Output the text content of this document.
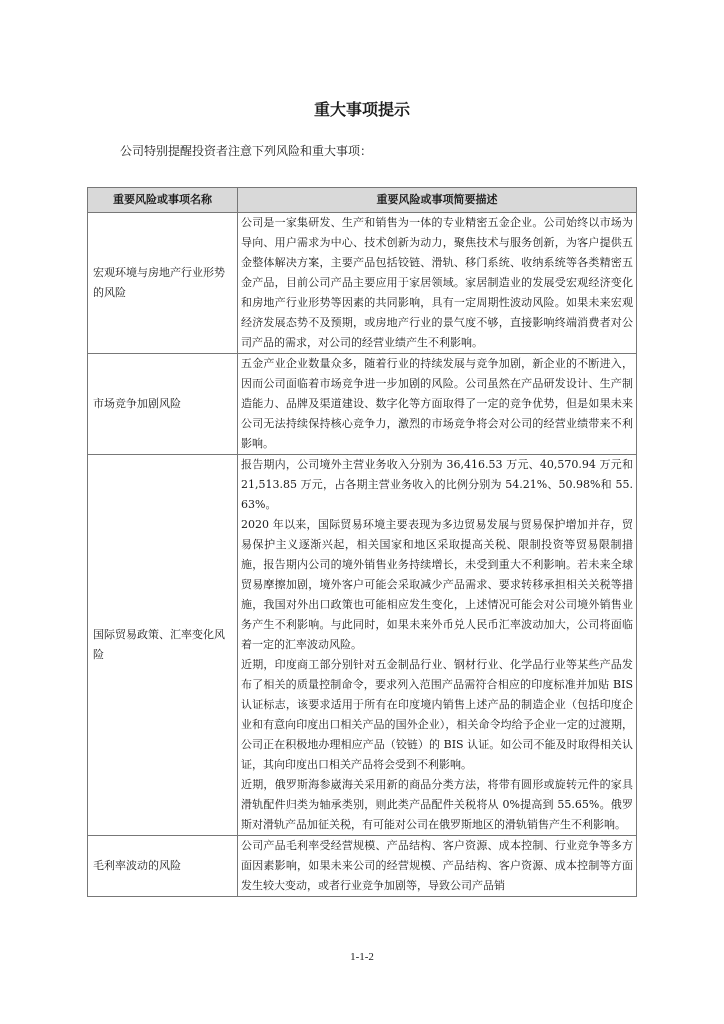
重大事项提示
公司特别提醒投资者注意下列风险和重大事项：
重要风险或事项名称	重要风险或事项简要描述
宏观环境与房地产行业形势的风险	公司是一家集研发、生产和销售为一体的专业精密五金企业。公司始终以市场为导向、用户需求为中心、技术创新为动力，聚焦技术与服务创新，为客户提供五金整体解决方案，主要产品包括铰链、滑轨、移门系统、收纳系统等各类精密五金产品，目前公司产品主要应用于家居领域。家居制造业的发展受宏观经济变化和房地产行业形势等因素的共同影响，具有一定周期性波动风险。如果未来宏观经济发展态势不及预期，或房地产行业的景气度不够，直接影响终端消费者对公司产品的需求，对公司的经营业绩产生不利影响。

市场竞争加剧风险	五金产业企业数量众多，随着行业的持续发展与竞争加剧，新企业的不断进入，因而公司面临着市场竞争进一步加剧的风险。公司虽然在产品研发设计、生产制造能力、品牌及渠道建设、数字化等方面取得了一定的竞争优势，但是如果未来公司无法持续保持核心竞争力，激烈的市场竞争将会对公司的经营业绩带来不利影响。

国际贸易政策、汇率变化风险	报告期内，公司境外主营业务收入分别为 36,416.53 万元、40,570.94 万元和 21,513.85 万元，占各期主营业务收入的比例分别为 54.21%、50.98%和 55.63%。

2020 年以来，国际贸易环境主要表现为多边贸易发展与贸易保护增加并存，贸易保护主义逐渐兴起，相关国家和地区采取提高关税、限制投资等贸易限制措施，报告期内公司的境外销售业务持续增长，未受到重大不利影响。若未来全球贸易摩擦加剧，境外客户可能会采取减少产品需求、要求转移承担相关关税等措施，我国对外出口政策也可能相应发生变化，上述情况可能会对公司境外销售业务产生不利影响。与此同时，如果未来外币兑人民币汇率波动加大，公司将面临着一定的汇率波动风险。

近期，印度商工部分别针对五金制品行业、钢材行业、化学品行业等某些产品发布了相关的质量控制命令，要求列入范围产品需符合相应的印度标准并加贴 BIS 认证标志，该要求适用于所有在印度境内销售上述产品的制造企业（包括印度企业和有意向印度出口相关产品的国外企业），相关命令均给予企业一定的过渡期，公司正在积极地办理相应产品（铰链）的 BIS 认证。如公司不能及时取得相关认证，其向印度出口相关产品将会受到不利影响。

近期，俄罗斯海参崴海关采用新的商品分类方法，将带有圆形或旋转元件的家具滑轨配件归类为轴承类别，则此类产品配件关税将从 0%提高到 55.65%。俄罗斯对滑轨产品加征关税，有可能对公司在俄罗斯地区的滑轨销售产生不利影响。

毛利率波动的风险	公司产品毛利率受经营规模、产品结构、客户资源、成本控制、行业竞争等多方面因素影响，如果未来公司的经营规模、产品结构、客户资源、成本控制等方面发生较大变动，或者行业竞争加剧等，导致公司产品销

1-1-2
